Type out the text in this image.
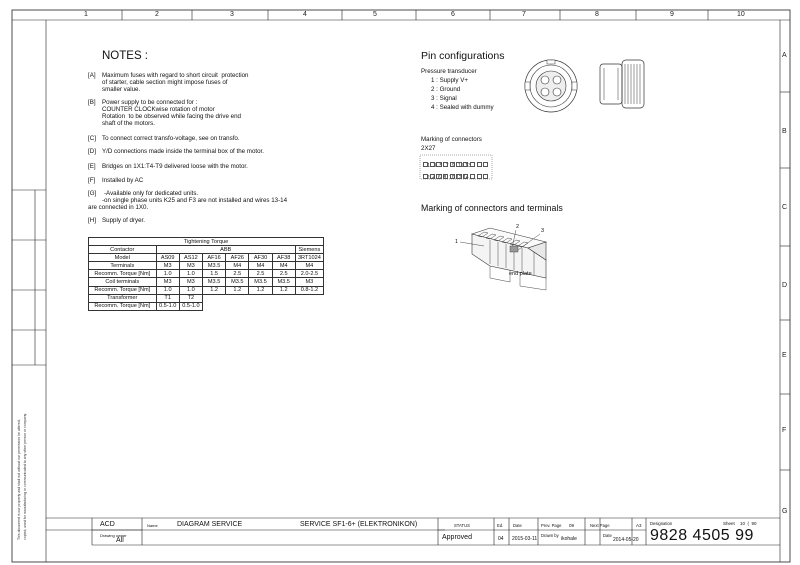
This document is our property and shall not without our permission be altered, copied, used for manufacturing or communicated to any other person or company.
1	2	3	4	5	6	7	8	9	10
A
B
C
D
E
F
G
NOTES :

[A]

Maximum fuses with regard to short circuit  protection

of starter, cable section might impose fuses of

smaller value.

[B]

Power supply to be connected for :

COUNTER CLOCKwise rotation of motor

Rotation  to be observed while facing the drive end

shaft of the motors.

[C]

To connect correct transfo-voltage, see on transfo.

[D]

Y/D connections made inside the terminal box of the motor.

[E]

Bridges on 1X1:T4-T9 delivered loose with the motor.

[F]

Installed by AC

[G]

-Available only for dedicated units.

-on single phase units K25 and F3 are not installed and wires 13-14

are connected in 1X0.

[H]

Supply of dryer.

Tightening Torque							
Contactor	ABB						Siemens
Model	AS09	AS12	AF16	AF26	AF30	AF38	3RT1024
Terminals	M3	M3	M3.5	M4	M4	M4	M4
Recomm. Torque [Nm]	1.0	1.0	1.5	2.5	2.5	2.5	2.0-2.5
Coil terminals	M3	M3	M3.5	M3.5	M3.5	M3.5	M3
Recomm. Torque [Nm]	1.0	1.0	1.2	1.2	1.2	1.2	0.8-1.2
Transformer	T1	T2					
Recomm. Torque [Nm]	0.5-1.0	0.5-1.0					
Pin configurations
Pressure transducer
1 : Supply V+
2 : Ground
3 : Signal
4 : Sealed with dummy
Marking of connectors
2X27

1 3 5 7 9 11 13

2 4 6 8 10 12 14

Marking of connectors and terminals
1
2
3
end plate
ACD
Drawing owner
All
Name	DIAGRAM SERVICE	SERVICE SF1-6+ (ELEKTRONIKON)	STATUS
Approved
Ed.
04
Date
2015-03-11
Prev. Page 09
Drawn by
ikohale
Next Page
Date
2014-05-20
A3 Designation	Sheet 10  (  90
9828 4505 99
